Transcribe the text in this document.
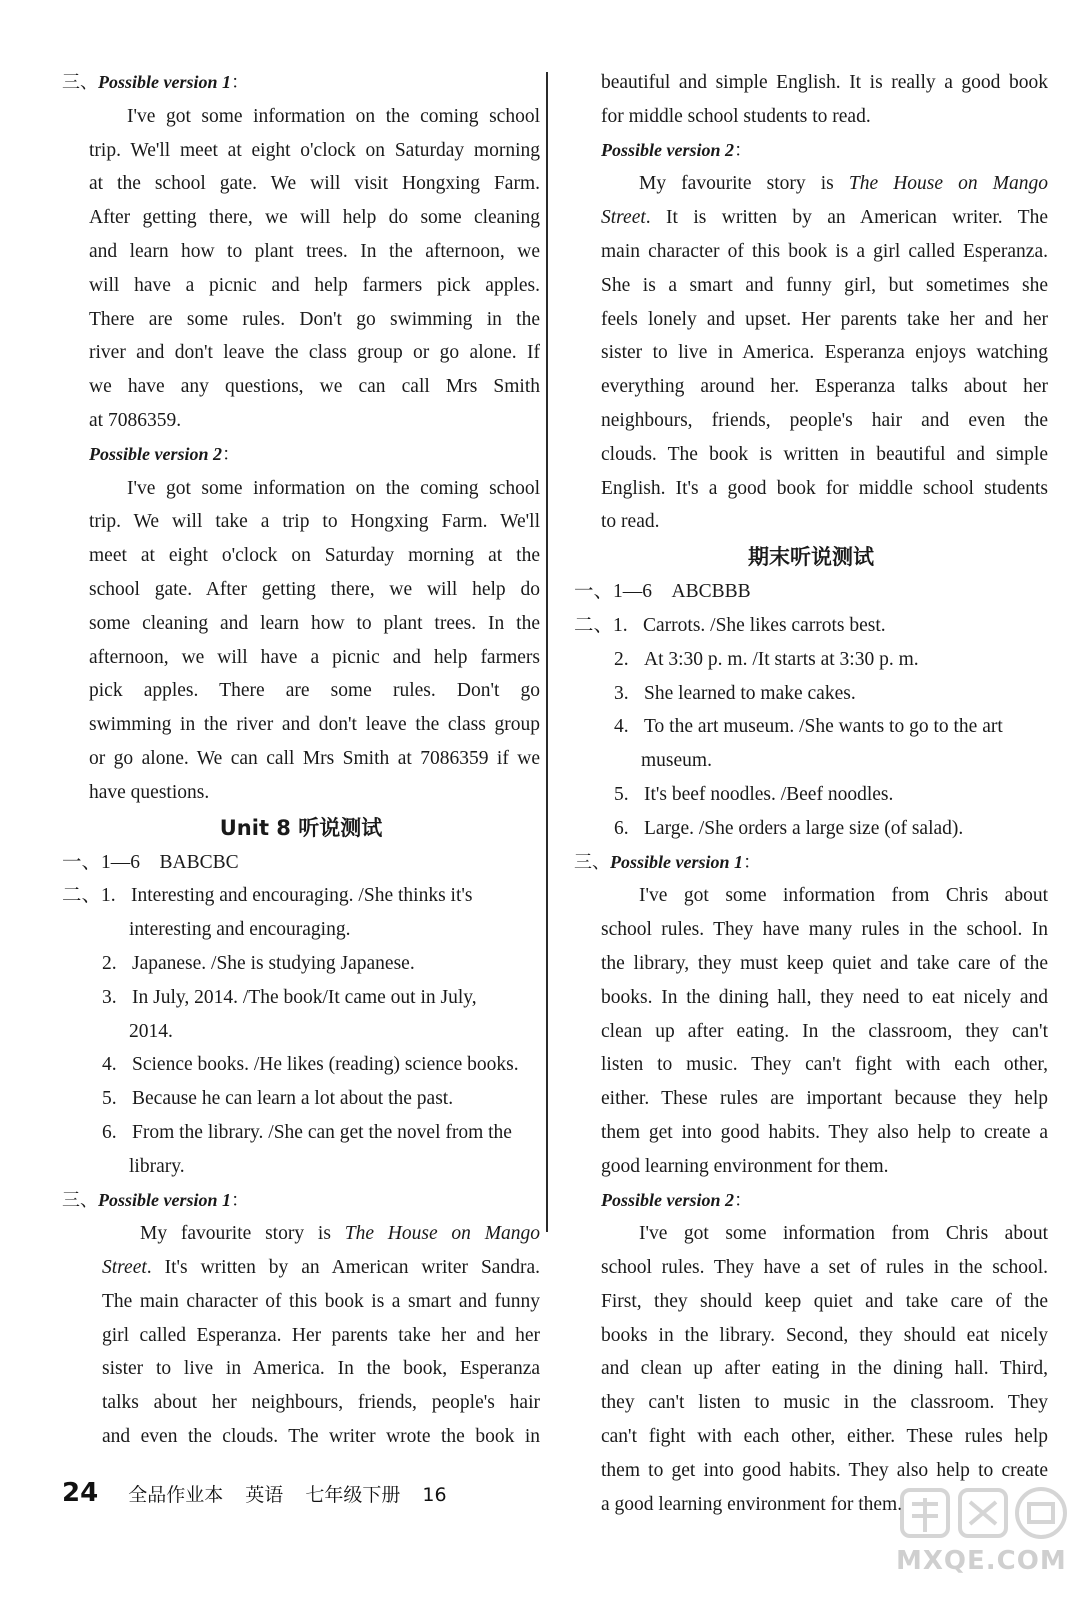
三、Possible version 1：
I've got some information on the coming school
trip. We'll meet at eight o'clock on Saturday morning
at the school gate. We will visit Hongxing Farm.
After getting there, we will help do some cleaning
and learn how to plant trees. In the afternoon, we
will have a picnic and help farmers pick apples.
There are some rules. Don't go swimming in the
river and don't leave the class group or go alone. If
we have any questions, we can call Mrs Smith
at 7086359.
Possible version 2：
I've got some information on the coming school
trip. We will take a trip to Hongxing Farm. We'll
meet at eight o'clock on Saturday morning at the
school gate. After getting there, we will help do
some cleaning and learn how to plant trees. In the
afternoon, we will have a picnic and help farmers
pick apples. There are some rules. Don't go
swimming in the river and don't leave the class group
or go alone. We can call Mrs Smith at 7086359 if we
have questions.
Unit 8 听说测试
一、1—6　BABCBC
二、1. Interesting and encouraging. /She thinks it's
interesting and encouraging.
2. Japanese. /She is studying Japanese.
3. In July, 2014. /The book/It came out in July,
2014.
4. Science books. /He likes (reading) science books.
5. Because he can learn a lot about the past.
6. From the library. /She can get the novel from the
library.
三、Possible version 1：
My favourite story is The House on Mango
Street. It's written by an American writer Sandra.
The main character of this book is a smart and funny
girl called Esperanza. Her parents take her and her
sister to live in America. In the book, Esperanza
talks about her neighbours, friends, people's hair
and even the clouds. The writer wrote the book in
beautiful and simple English. It is really a good book
for middle school students to read.
Possible version 2：
My favourite story is The House on Mango
Street. It is written by an American writer. The
main character of this book is a girl called Esperanza.
She is a smart and funny girl, but sometimes she
feels lonely and upset. Her parents take her and her
sister to live in America. Esperanza enjoys watching
everything around her. Esperanza talks about her
neighbours, friends, people's hair and even the
clouds. The book is written in beautiful and simple
English. It's a good book for middle school students
to read.
期末听说测试
一、1—6　ABCBBB
二、1. Carrots. /She likes carrots best.
2. At 3:30 p. m. /It starts at 3:30 p. m.
3. She learned to make cakes.
4. To the art museum. /She wants to go to the art
museum.
5. It's beef noodles. /Beef noodles.
6. Large. /She orders a large size (of salad).
三、Possible version 1：
I've got some information from Chris about
school rules. They have many rules in the school. In
the library, they must keep quiet and take care of the
books. In the dining hall, they need to eat nicely and
clean up after eating. In the classroom, they can't
listen to music. They can't fight with each other,
either. These rules are important because they help
them get into good habits. They also help to create a
good learning environment for them.
Possible version 2：
I've got some information from Chris about
school rules. They have a set of rules in the school.
First, they should keep quiet and take care of the
books in the library. Second, they should eat nicely
and clean up after eating in the dining hall. Third,
they can't listen to music in the classroom. They
can't fight with each other, either. These rules help
them to get into good habits. They also help to create
a good learning environment for them.
24 全品作业本 英语 七年级下册 16
MXQE.COM
